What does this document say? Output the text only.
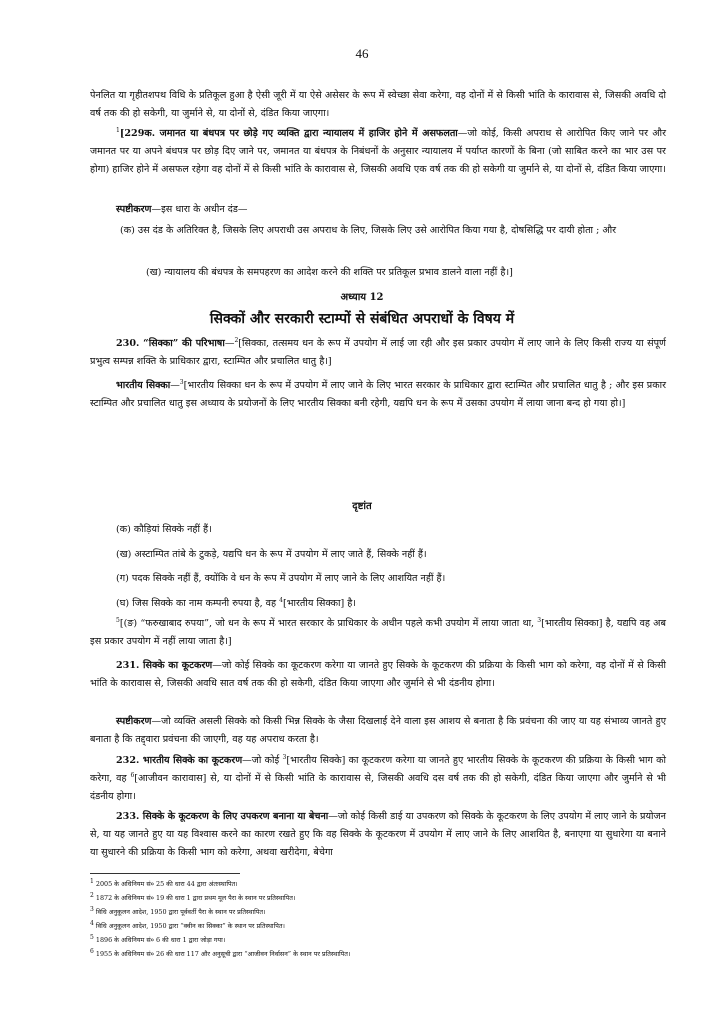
46

पेनलित या गृहीतशपथ विधि के प्रतिकूल हुआ है ऐसी जूरी में या ऐसे असेसर के रूप में स्वेच्छा सेवा करेगा, वह दोनों में से किसी भांति के कारावास से, जिसकी अवधि दो वर्ष तक की हो सकेगी, या जुर्माने से, या दोनों से, दंडित किया जाएगा।

$^1$[229क. जमानत या बंधपत्र पर छोड़े गए व्यक्ति द्वारा न्यायालय में हाजिर होने में असफलता—जो कोई, किसी अपराध से आरोपित किए जाने पर और जमानत पर या अपने बंधपत्र पर छोड़ दिए जाने पर, जमानत या बंधपत्र के निबंधनों के अनुसार न्यायालय में पर्याप्त कारणों के बिना (जो साबित करने का भार उस पर होगा) हाजिर होने में असफल रहेगा वह दोनों में से किसी भांति के कारावास से, जिसकी अवधि एक वर्ष तक की हो सकेगी या जुर्माने से, या दोनों से, दंडित किया जाएगा।

स्पष्टीकरण—इस धारा के अधीन दंड—

(क) उस दंड के अतिरिक्त है, जिसके लिए अपराधी उस अपराध के लिए, जिसके लिए उसे आरोपित किया गया है, दोषसिद्धि पर दायी होता ; और

(ख) न्यायालय की बंधपत्र के समपहरण का आदेश करने की शक्ति पर प्रतिकूल प्रभाव डालने वाला नहीं है।]

अध्याय 12

सिक्कों और सरकारी स्टाम्पों से संबंधित अपराधों के विषय में

230. “सिक्का” की परिभाषा—$^2$[सिक्का, तत्समय धन के रूप में उपयोग में लाई जा रही और इस प्रकार उपयोग में लाए जाने के लिए किसी राज्य या संपूर्ण प्रभुत्व सम्पन्न शक्ति के प्राधिकार द्वारा, स्टाम्पित और प्रचालित धातु है।]

भारतीय सिक्का—$^3$[भारतीय सिक्का धन के रूप में उपयोग में लाए जाने के लिए भारत सरकार के प्राधिकार द्वारा स्टाम्पित और प्रचालित धातु है ; और इस प्रकार स्टाम्पित और प्रचालित धातु इस अध्याय के प्रयोजनों के लिए भारतीय सिक्का बनी रहेगी, यद्यपि धन के रूप में उसका उपयोग में लाया जाना बन्द हो गया हो।]

दृष्टांत

(क) कौड़ियां सिक्के नहीं हैं।

(ख) अस्टाम्पित तांबे के टुकड़े, यद्यपि धन के रूप में उपयोग में लाए जाते हैं, सिक्के नहीं हैं।

(ग) पदक सिक्के नहीं हैं, क्योंकि वे धन के रूप में उपयोग में लाए जाने के लिए आशयित नहीं हैं।

(घ) जिस सिक्के का नाम कम्पनी रुपया है, वह $^4$[भारतीय सिक्का] है।

$^5$[(ङ) “फरुखाबाद रुपया”, जो धन के रूप में भारत सरकार के प्राधिकार के अधीन पहले कभी उपयोग में लाया जाता था, $^3$[भारतीय सिक्का] है, यद्यपि वह अब इस प्रकार उपयोग में नहीं लाया जाता है।]

231. सिक्के का कूटकरण—जो कोई सिक्के का कूटकरण करेगा या जानते हुए सिक्के के कूटकरण की प्रक्रिया के किसी भाग को करेगा, वह दोनों में से किसी भांति के कारावास से, जिसकी अवधि सात वर्ष तक की हो सकेगी, दंडित किया जाएगा और जुर्माने से भी दंडनीय होगा।

स्पष्टीकरण—जो व्यक्ति असली सिक्के को किसी भिन्न सिक्के के जैसा दिखलाई देने वाला इस आशय से बनाता है कि प्रवंचना की जाए या यह संभाव्य जानते हुए बनाता है कि तद्द्वारा प्रवंचना की जाएगी, वह यह अपराध करता है।

232. भारतीय सिक्के का कूटकरण—जो कोई $^3$[भारतीय सिक्के] का कूटकरण करेगा या जानते हुए भारतीय सिक्के के कूटकरण की प्रक्रिया के किसी भाग को करेगा, वह $^6$[आजीवन कारावास] से, या दोनों में से किसी भांति के कारावास से, जिसकी अवधि दस वर्ष तक की हो सकेगी, दंडित किया जाएगा और जुर्माने से भी दंडनीय होगा।

233. सिक्के के कूटकरण के लिए उपकरण बनाना या बेचना—जो कोई किसी डाई या उपकरण को सिक्के के कूटकरण के लिए उपयोग में लाए जाने के प्रयोजन से, या यह जानते हुए या यह विश्वास करने का कारण रखते हुए कि वह सिक्के के कूटकरण में उपयोग में लाए जाने के लिए आशयित है, बनाएगा या सुधारेगा या बनाने या सुधारने की प्रक्रिया के किसी भाग को करेगा, अथवा खरीदेगा, बेचेगा

$^1$ 2005 के अधिनियम सं० 25 की धारा 44 द्वारा अंतःस्थापित।

$^2$ 1872 के अधिनियम सं० 19 की धारा 1 द्वारा प्रथम मूल पैरा के स्थान पर प्रतिस्थापित।

$^3$ विधि अनुकूलन आदेश, 1950 द्वारा पूर्ववर्ती पैरा के स्थान पर प्रतिस्थापित।

$^4$ विधि अनुकूलन आदेश, 1950 द्वारा “क्वीन का सिक्का” के स्थान पर प्रतिस्थापित।

$^5$ 1896 के अधिनियम सं० 6 की धारा 1 द्वारा जोड़ा गया।

$^6$ 1955 के अधिनियम सं० 26 की धारा 117 और अनुसूची द्वारा “आजीवन निर्वासन” के स्थान पर प्रतिस्थापित।
